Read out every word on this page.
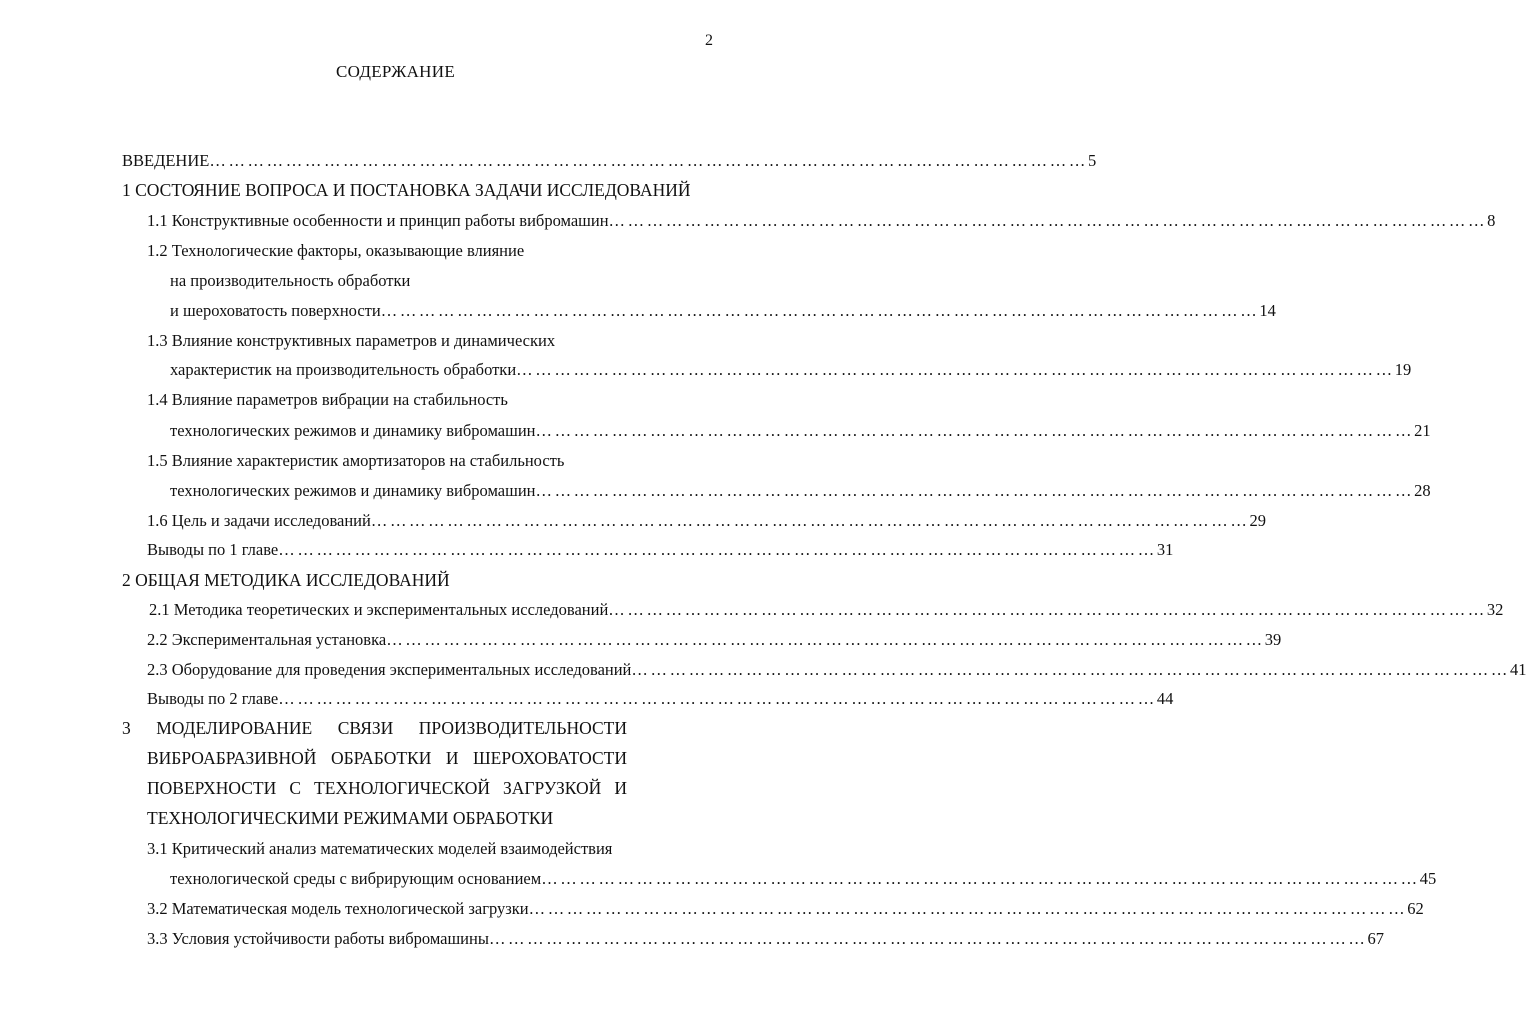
2
СОДЕРЖАНИЕ
ВВЕДЕНИЕ …………………………………………………………………………………………………………………………	5
1 СОСТОЯНИЕ ВОПРОСА И ПОСТАНОВКА ЗАДАЧИ ИССЛЕДОВАНИЙ
1.1 Конструктивные особенности и принцип работы вибромашин …………………………………………………………………………………………………………………………	8
1.2 Технологические факторы, оказывающие влияние
на производительность обработки
и шероховатость поверхности …………………………………………………………………………………………………………………………	14
1.3 Влияние конструктивных параметров и динамических
характеристик на производительность обработки …………………………………………………………………………………………………………………………	19
1.4 Влияние параметров вибрации на стабильность
технологических режимов и динамику вибромашин …………………………………………………………………………………………………………………………	21
1.5 Влияние характеристик амортизаторов на стабильность
технологических режимов и динамику вибромашин …………………………………………………………………………………………………………………………	28
1.6 Цель и задачи исследований …………………………………………………………………………………………………………………………	29
Выводы по 1 главе …………………………………………………………………………………………………………………………	31
2 ОБЩАЯ МЕТОДИКА ИССЛЕДОВАНИЙ
2.1 Методика теоретических и экспериментальных исследований …………………………………………………………………………………………………………………………	32
2.2 Экспериментальная установка …………………………………………………………………………………………………………………………	39
2.3 Оборудование для проведения экспериментальных исследований …………………………………………………………………………………………………………………………	41
Выводы по 2 главе …………………………………………………………………………………………………………………………	44
3 МОДЕЛИРОВАНИЕ СВЯЗИ ПРОИЗВОДИТЕЛЬНОСТИ
ВИБРОАБРАЗИВНОЙ ОБРАБОТКИ И ШЕРОХОВАТОСТИ
ПОВЕРХНОСТИ С ТЕХНОЛОГИЧЕСКОЙ ЗАГРУЗКОЙ И
ТЕХНОЛОГИЧЕСКИМИ РЕЖИМАМИ ОБРАБОТКИ
3.1 Критический анализ математических моделей взаимодействия
технологической среды с вибрирующим основанием …………………………………………………………………………………………………………………………	45
3.2 Математическая модель технологической загрузки …………………………………………………………………………………………………………………………	62
3.3 Условия устойчивости работы вибромашины …………………………………………………………………………………………………………………………	67
